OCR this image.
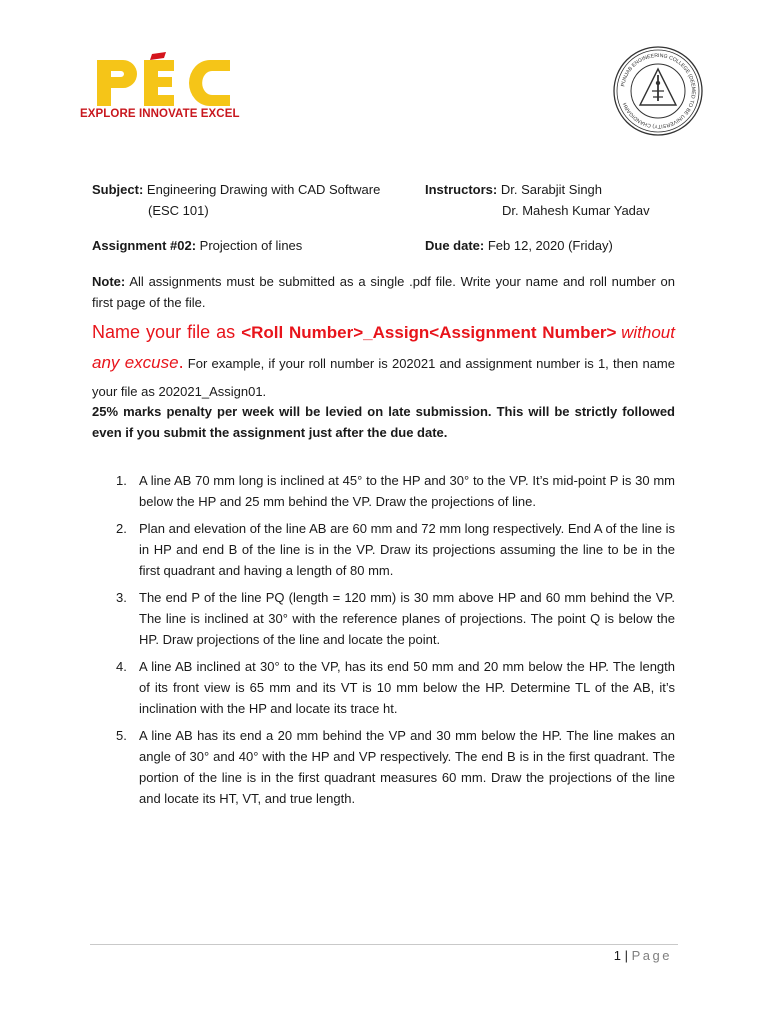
EXPLORE INNOVATE EXCEL
PUNJAB ENGINEERING COLLEGE (DEEMED TO BE UNIVERSITY) CHANDIGARH
Subject: Engineering Drawing with CAD Software
(ESC 101)
Instructors: Dr. Sarabjit Singh
Dr. Mahesh Kumar Yadav
Assignment #02: Projection of lines	Due date: Feb 12, 2020 (Friday)
Note: All assignments must be submitted as a single .pdf file. Write your name and roll number on first page of the file.
Name your file as <Roll Number>_Assign<Assignment Number> without any excuse. For example, if your roll number is 202021 and assignment number is 1, then name your file as 202021_Assign01.
25% marks penalty per week will be levied on late submission. This will be strictly followed even if you submit the assignment just after the due date.
1. A line AB 70 mm long is inclined at 45° to the HP and 30° to the VP. It’s mid-point P is 30 mm below the HP and 25 mm behind the VP. Draw the projections of line.
2. Plan and elevation of the line AB are 60 mm and 72 mm long respectively. End A of the line is in HP and end B of the line is in the VP. Draw its projections assuming the line to be in the first quadrant and having a length of 80 mm.
3. The end P of the line PQ (length = 120 mm) is 30 mm above HP and 60 mm behind the VP. The line is inclined at 30° with the reference planes of projections. The point Q is below the HP. Draw projections of the line and locate the point.
4. A line AB inclined at 30° to the VP, has its end 50 mm and 20 mm below the HP. The length of its front view is 65 mm and its VT is 10 mm below the HP. Determine TL of the AB, it’s inclination with the HP and locate its trace ht.
5. A line AB has its end a 20 mm behind the VP and 30 mm below the HP. The line makes an angle of 30° and 40° with the HP and VP respectively. The end B is in the first quadrant. The portion of the line is in the first quadrant measures 60 mm. Draw the projections of the line and locate its HT, VT, and true length.
1 | Page
